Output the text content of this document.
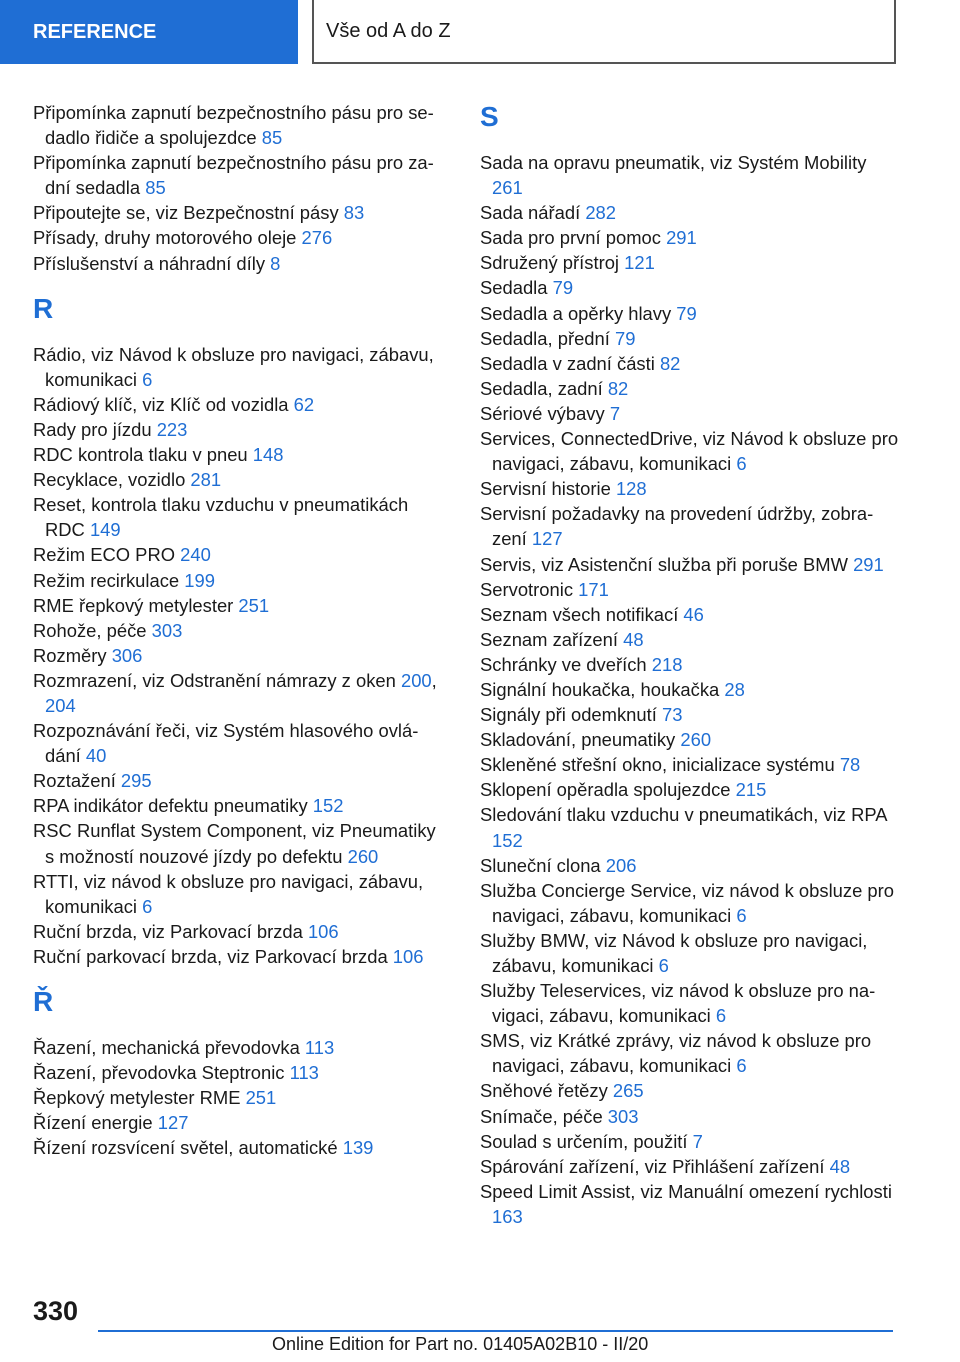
REFERENCE	Vše od A do Z
Připomínka zapnutí bezpečnostního pásu pro sedadlo řidiče a spolujezdce 85
Připomínka zapnutí bezpečnostního pásu pro zadní sedadla 85
Připoutejte se, viz Bezpečnostní pásy 83
Přísady, druhy motorového oleje 276
Příslušenství a náhradní díly 8
R
Rádio, viz Návod k obsluze pro navigaci, zábavu, komunikaci 6
Rádiový klíč, viz Klíč od vozidla 62
Rady pro jízdu 223
RDC kontrola tlaku v pneu 148
Recyklace, vozidlo 281
Reset, kontrola tlaku vzduchu v pneumatikách RDC 149
Režim ECO PRO 240
Režim recirkulace 199
RME řepkový metylester 251
Rohože, péče 303
Rozměry 306
Rozmrazení, viz Odstranění námrazy z oken 200, 204
Rozpoznávání řeči, viz Systém hlasového ovládání 40
Roztažení 295
RPA indikátor defektu pneumatiky 152
RSC Runflat System Component, viz Pneumatiky s možností nouzové jízdy po defektu 260
RTTI, viz návod k obsluze pro navigaci, zábavu, komunikaci 6
Ruční brzda, viz Parkovací brzda 106
Ruční parkovací brzda, viz Parkovací brzda 106
Ř
Řazení, mechanická převodovka 113
Řazení, převodovka Steptronic 113
Řepkový metylester RME 251
Řízení energie 127
Řízení rozsvícení světel, automatické 139
S
Sada na opravu pneumatik, viz Systém Mobility 261
Sada nářadí 282
Sada pro první pomoc 291
Sdružený přístroj 121
Sedadla 79
Sedadla a opěrky hlavy 79
Sedadla, přední 79
Sedadla v zadní části 82
Sedadla, zadní 82
Sériové výbavy 7
Services, ConnectedDrive, viz Návod k obsluze pro navigaci, zábavu, komunikaci 6
Servisní historie 128
Servisní požadavky na provedení údržby, zobrazení 127
Servis, viz Asistenční služba při poruše BMW 291
Servotronic 171
Seznam všech notifikací 46
Seznam zařízení 48
Schránky ve dveřích 218
Signální houkačka, houkačka 28
Signály při odemknutí 73
Skladování, pneumatiky 260
Skleněné střešní okno, inicializace systému 78
Sklopení opěradla spolujezdce 215
Sledování tlaku vzduchu v pneumatikách, viz RPA 152
Sluneční clona 206
Služba Concierge Service, viz návod k obsluze pro navigaci, zábavu, komunikaci 6
Služby BMW, viz Návod k obsluze pro navigaci, zábavu, komunikaci 6
Služby Teleservices, viz návod k obsluze pro navigaci, zábavu, komunikaci 6
SMS, viz Krátké zprávy, viz návod k obsluze pro navigaci, zábavu, komunikaci 6
Sněhové řetězy 265
Snímače, péče 303
Soulad s určením, použití 7
Spárování zařízení, viz Přihlášení zařízení 48
Speed Limit Assist, viz Manuální omezení rychlosti 163
330
Online Edition for Part no. 01405A02B10 - II/20
